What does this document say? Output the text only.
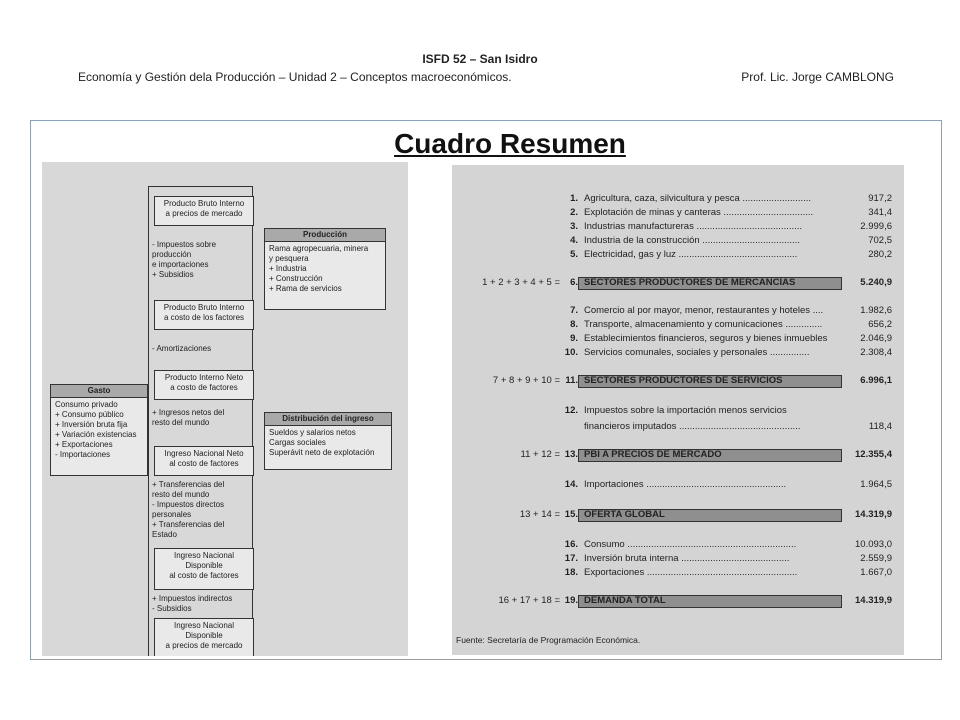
ISFD 52 – San Isidro
Economía y Gestión dela Producción – Unidad 2 – Conceptos macroeconómicos.	Prof. Lic. Jorge CAMBLONG
Cuadro Resumen
Producto Bruto Interno
a precios de mercado
Producción
Rama agropecuaria, minera
y pesquera
+ Industria
+ Construcción
+ Rama de servicios
- Impuestos sobre
producción
e importaciones
+ Subsidios
Producto Bruto Interno
a costo de los factores
- Amortizaciones
Producto Interno Neto
a costo de factores
Gasto
Consumo privado
+ Consumo público
+ Inversión bruta fija
+ Variación existencias
+ Exportaciones
- Importaciones
+ Ingresos netos del
resto del mundo	Distribución del ingreso
Sueldos y salarios netos
Cargas sociales
Superávit neto de explotación
Ingreso Nacional Neto
al costo de factores
+ Transferencias del
resto del mundo
- Impuestos directos
personales
+ Transferencias del
Estado
Ingreso Nacional
Disponible
al costo de factores
+ Impuestos indirectos
- Subsidios
Ingreso Nacional
Disponible
a precios de mercado
1. Agricultura, caza, silvicultura y pesca ..........................	917,2
2. Explotación de minas y canteras ..................................	341,4
3. Industrias manufactureras ........................................	2.999,6
4. Industria de la construcción .....................................	702,5
5. Electricidad, gas y luz .............................................	280,2
1 + 2 + 3 + 4 + 5 =	6. SECTORES PRODUCTORES DE MERCANCÍAS	5.240,9
7. Comercio al por mayor, menor, restaurantes y hoteles ....	1.982,6
8. Transporte, almacenamiento y comunicaciones ..............	656,2
9. Establecimientos financieros, seguros y bienes inmuebles	2.046,9
10. Servicios comunales, sociales y personales ...............	2.308,4
7 + 8 + 9 + 10 = 11. SECTORES PRODUCTORES DE SERVICIOS	6.996,1
12. Impuestos sobre la importación menos servicios
financieros imputados ..............................................	118,4
11 + 12 = 13. PBI A PRECIOS DE MERCADO	12.355,4
14. Importaciones .....................................................	1.964,5
13 + 14 = 15. OFERTA GLOBAL	14.319,9
16. Consumo ................................................................	10.093,0
17. Inversión bruta interna .........................................	2.559,9
18. Exportaciones .........................................................	1.667,0
16 + 17 + 18 = 19. DEMANDA TOTAL	14.319,9
Fuente: Secretaría de Programación Económica.
